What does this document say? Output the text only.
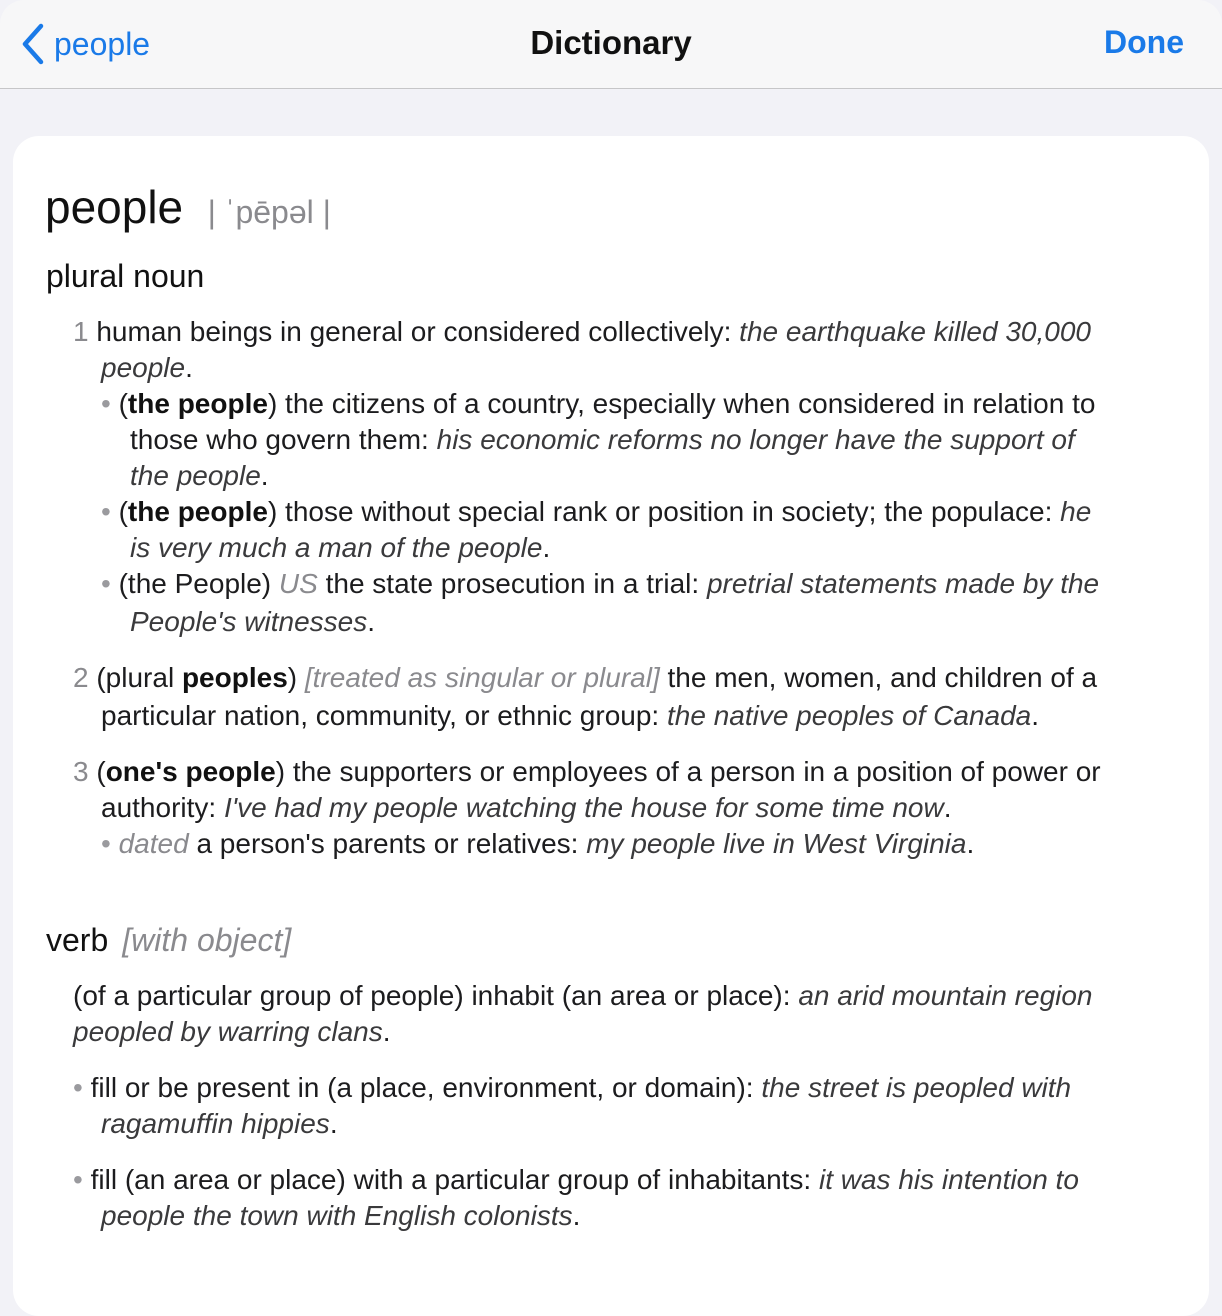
people	Dictionary	Done
people | ˈpēpəl |
plural noun
1 human beings in general or considered collectively: the earthquake killed 30,000
people.
• (the people) the citizens of a country, especially when considered in relation to
those who govern them: his economic reforms no longer have the support of
the people.
• (the people) those without special rank or position in society; the populace: he
is very much a man of the people.
• (the People) US the state prosecution in a trial: pretrial statements made by the
People's witnesses.
2 (plural peoples) [treated as singular or plural] the men, women, and children of a
particular nation, community, or ethnic group: the native peoples of Canada.
3 (one's people) the supporters or employees of a person in a position of power or
authority: I've had my people watching the house for some time now.
• dated a person's parents or relatives: my people live in West Virginia.
verb [with object]
(of a particular group of people) inhabit (an area or place): an arid mountain region
peopled by warring clans.
• fill or be present in (a place, environment, or domain): the street is peopled with
ragamuffin hippies.
• fill (an area or place) with a particular group of inhabitants: it was his intention to
people the town with English colonists.
